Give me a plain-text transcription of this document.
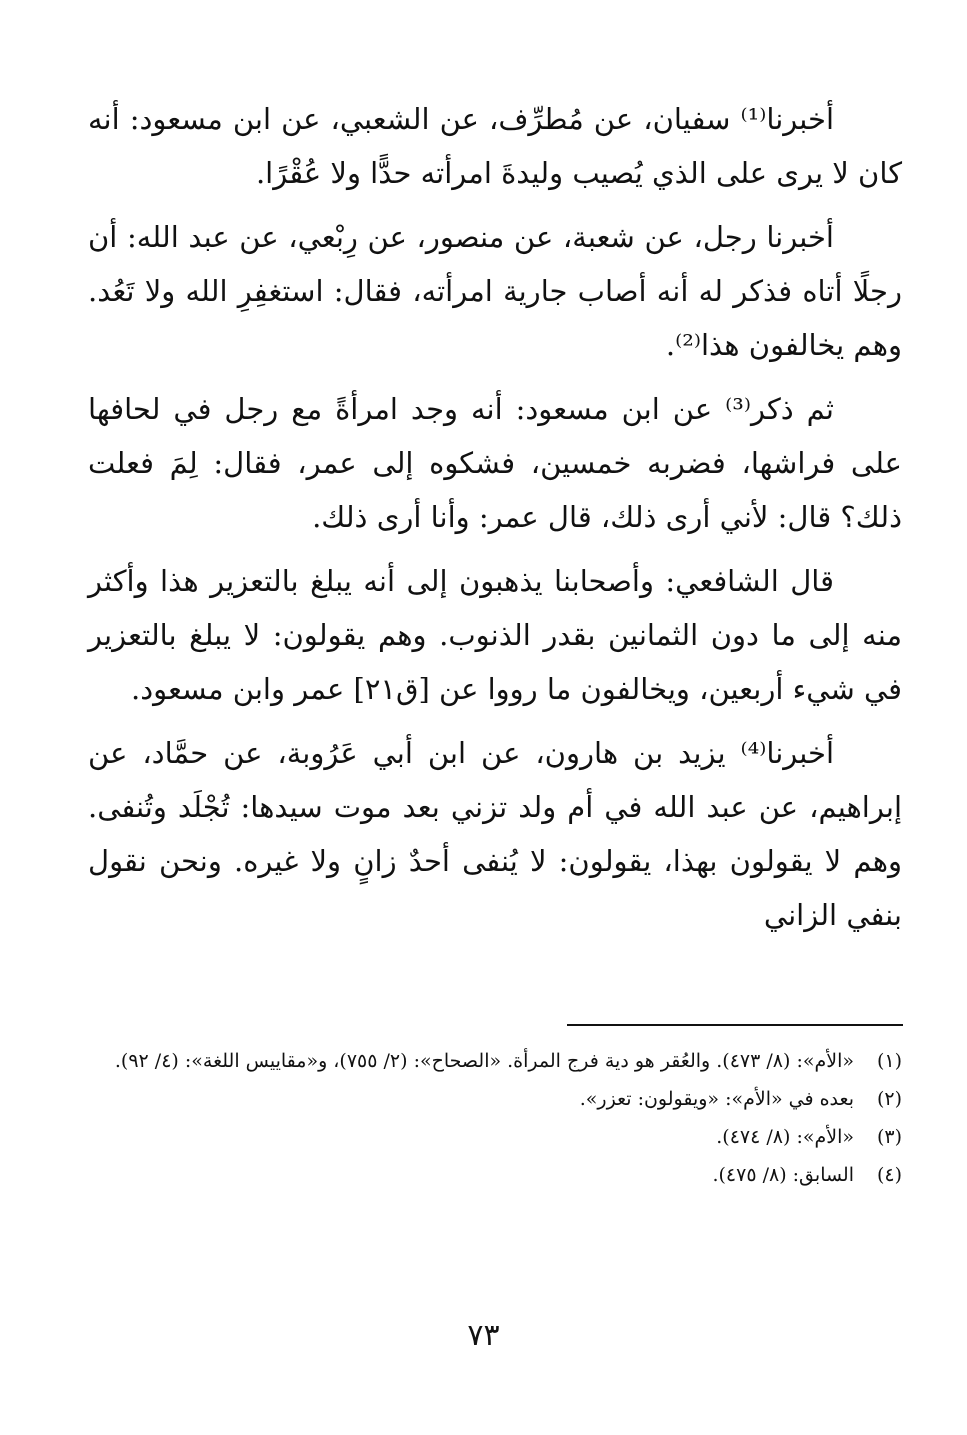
أخبرنا⁽¹⁾ سفيان، عن مُطرِّف، عن الشعبي، عن ابن مسعود: أنه كان لا يرى على الذي يُصيب وليدةَ امرأته حدًّا ولا عُقْرًا.

أخبرنا رجل، عن شعبة، عن منصور، عن رِبْعي، عن عبد الله: أن رجلًا أتاه فذكر له أنه أصاب جارية امرأته، فقال: استغفِرِ الله ولا تَعُد. وهم يخالفون هذا⁽²⁾.

ثم ذكر⁽³⁾ عن ابن مسعود: أنه وجد امرأةً مع رجل في لحافها على فراشها، فضربه خمسين، فشكوه إلى عمر، فقال: لِمَ فعلت ذلك؟ قال: لأني أرى ذلك، قال عمر: وأنا أرى ذلك.

قال الشافعي: وأصحابنا يذهبون إلى أنه يبلغ بالتعزير هذا وأكثر منه إلى ما دون الثمانين بقدر الذنوب. وهم يقولون: لا يبلغ بالتعزير في شيء أربعين، ويخالفون ما رووا عن [ق٢١] عمر وابن مسعود.

أخبرنا⁽⁴⁾ يزيد بن هارون، عن ابن أبي عَرُوبة، عن حمَّاد، عن إبراهيم، عن عبد الله في أم ولد تزني بعد موت سيدها: تُجْلَد وتُنفى. وهم لا يقولون بهذا، يقولون: لا يُنفى أحدٌ زانٍ ولا غيره. ونحن نقول بنفي الزاني

(١)
«الأم»: (٨/ ٤٧٣). والعُقر هو دية فرج المرأة. «الصحاح»: (٢/ ٧٥٥)، و«مقاييس اللغة»: (٤/ ٩٢).

(٢)
بعده في «الأم»: «ويقولون: تعزر».

(٣)
«الأم»: (٨/ ٤٧٤).

(٤)
السابق: (٨/ ٤٧٥).

٧٣
